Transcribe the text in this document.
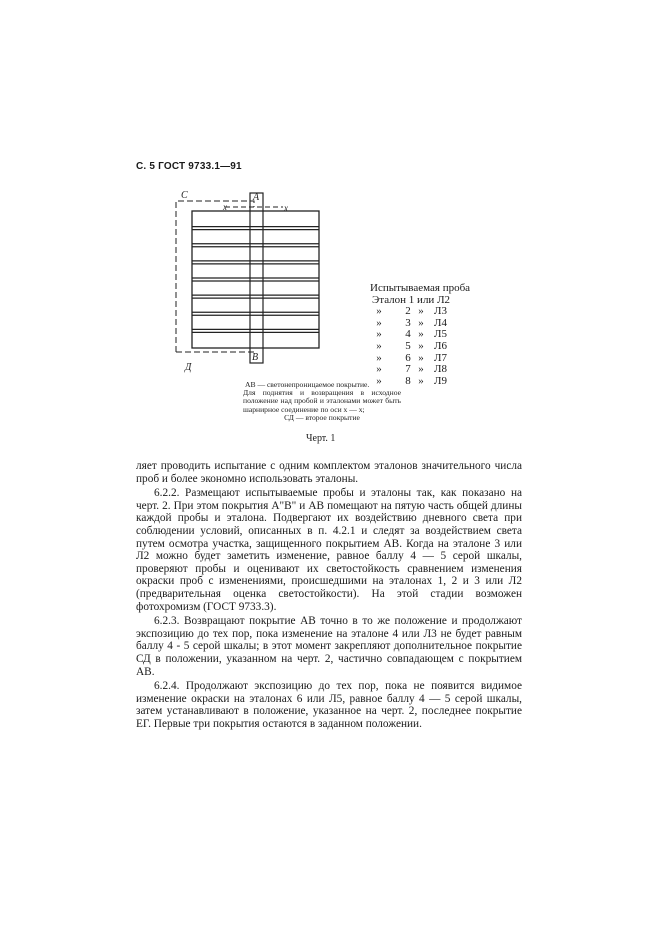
С. 5 ГОСТ 9733.1—91
C	A
x	x
B
Д
Испытываемая проба
Эталон 1 или Л2
» 2 » Л3
» 3 » Л4
» 4 » Л5
» 5 » Л6
» 6 » Л7
» 7 » Л8
» 8 » Л9
AB — светонепроницаемое покрытие.
Для поднятия и возвращения в исходное положение над пробой и эталонами может быть шарнирное соединение по оси x — x;
СД — второе покрытие
Черт. 1

ляет проводить испытание с одним комплектом эталонов значительного числа проб и более экономно использовать эталоны.

6.2.2. Размещают испытываемые пробы и эталоны так, как показано на черт. 2. При этом покрытия A"B" и AB помещают на пятую часть общей длины каждой пробы и эталона. Подвергают их воздействию дневного света при соблюдении условий, описанных в п. 4.2.1 и следят за воздействием света путем осмотра участка, защищенного покрытием AB. Когда на эталоне 3 или Л2 можно будет заметить изменение, равное баллу 4 — 5 серой шкалы, проверяют пробы и оценивают их светостойкость сравнением изменения окраски проб с изменениями, происшедшими на эталонах 1, 2 и 3 или Л2 (предварительная оценка светостойкости). На этой стадии возможен фотохромизм (ГОСТ 9733.3).

6.2.3. Возвращают покрытие AB точно в то же положение и продолжают экспозицию до тех пор, пока изменение на эталоне 4 или Л3 не будет равным баллу 4 - 5 серой шкалы; в этот момент закрепляют дополнительное покрытие СД в положении, указанном на черт. 2, частично совпадающем с покрытием AB.

6.2.4. Продолжают экспозицию до тех пор, пока не появится видимое изменение окраски на эталонах 6 или Л5, равное баллу 4 — 5 серой шкалы, затем устанавливают в положение, указанное на черт. 2, последнее покрытие ЕГ. Первые три покрытия остаются в заданном положении.
